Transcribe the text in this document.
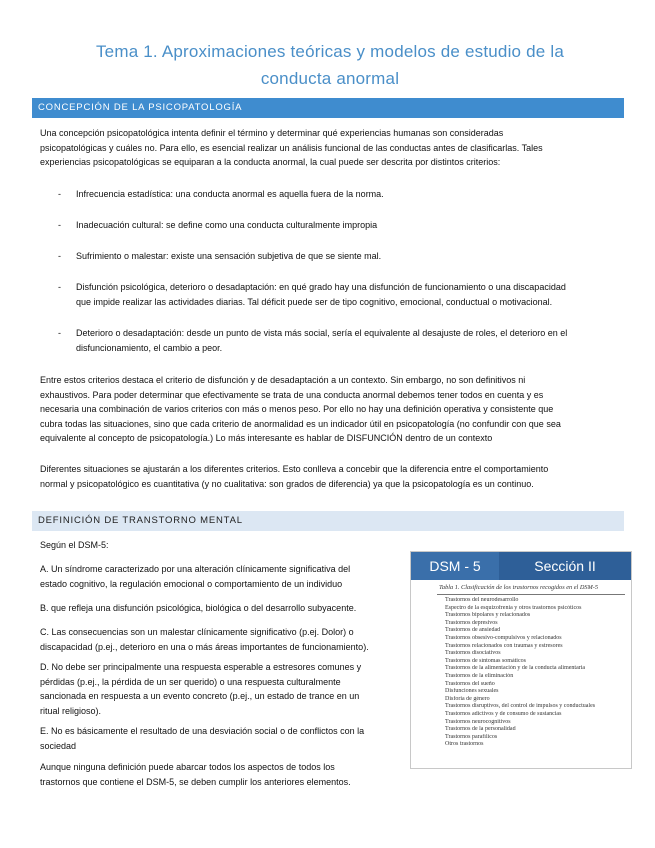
Tema 1. Aproximaciones teóricas y modelos de estudio de la
conducta anormal
CONCEPCIÓN DE LA PSICOPATOLOGÍA
Una concepción psicopatológica intenta definir el término y determinar qué experiencias humanas son consideradas
psicopatológicas y cuáles no. Para ello, es esencial realizar un análisis funcional de las conductas antes de clasificarlas. Tales
experiencias psicopatológicas se equiparan a la conducta anormal, la cual puede ser descrita por distintos criterios:
- Infrecuencia estadística: una conducta anormal es aquella fuera de la norma.
- Inadecuación cultural: se define como una conducta culturalmente impropia
- Sufrimiento o malestar: existe una sensación subjetiva de que se siente mal.
- Disfunción psicológica, deterioro o desadaptación: en qué grado hay una disfunción de funcionamiento o una discapacidad
que impide realizar las actividades diarias. Tal déficit puede ser de tipo cognitivo, emocional, conductual o motivacional.
- Deterioro o desadaptación: desde un punto de vista más social, sería el equivalente al desajuste de roles, el deterioro en el
disfuncionamiento, el cambio a peor.
Entre estos criterios destaca el criterio de disfunción y de desadaptación a un contexto. Sin embargo, no son definitivos ni
exhaustivos. Para poder determinar que efectivamente se trata de una conducta anormal debemos tener todos en cuenta y es
necesaria una combinación de varios criterios con más o menos peso. Por ello no hay una definición operativa y consistente que
cubra todas las situaciones, sino que cada criterio de anormalidad es un indicador útil en psicopatología (no confundir con que sea
equivalente al concepto de psicopatología.) Lo más interesante es hablar de DISFUNCIÓN dentro de un contexto
Diferentes situaciones se ajustarán a los diferentes criterios. Esto conlleva a concebir que la diferencia entre el comportamiento
normal y psicopatológico es cuantitativa (y no cualitativa: son grados de diferencia) ya que la psicopatología es un continuo.
DEFINICIÓN DE TRANSTORNO MENTAL
Según el DSM-5:
A. Un síndrome caracterizado por una alteración clínicamente significativa del
estado cognitivo, la regulación emocional o comportamiento de un individuo
B. que refleja una disfunción psicológica, biológica o del desarrollo subyacente.
C. Las consecuencias son un malestar clínicamente significativo (p.ej. Dolor) o
discapacidad (p.ej., deterioro en una o más áreas importantes de funcionamiento).
D. No debe ser principalmente una respuesta esperable a estresores comunes y
pérdidas (p.ej., la pérdida de un ser querido) o una respuesta culturalmente
sancionada en respuesta a un evento concreto (p.ej., un estado de trance en un
ritual religioso).
E. No es básicamente el resultado de una desviación social o de conflictos con la
sociedad
Aunque ninguna definición puede abarcar todos los aspectos de todos los
trastornos que contiene el DSM-5, se deben cumplir los anteriores elementos.
DSM - 5	Sección II
Tabla 1. Clasificación de los trastornos recogidos en el DSM-5
Trastornos del neurodesarrollo
Espectro de la esquizofrenia y otros trastornos psicóticos
Trastornos bipolares y relacionados
Trastornos depresivos
Trastornos de ansiedad
Trastornos obsesivo-compulsivos y relacionados
Trastornos relacionados con traumas y estresores
Trastornos disociativos
Trastornos de síntomas somáticos
Trastornos de la alimentación y de la conducta alimentaria
Trastornos de la eliminación
Trastornos del sueño
Disfunciones sexuales
Disforia de género
Trastornos disruptivos, del control de impulsos y conductuales
Trastornos adictivos y de consumo de sustancias
Trastornos neurocognitivos
Trastornos de la personalidad
Trastornos parafílicos
Otros trastornos
